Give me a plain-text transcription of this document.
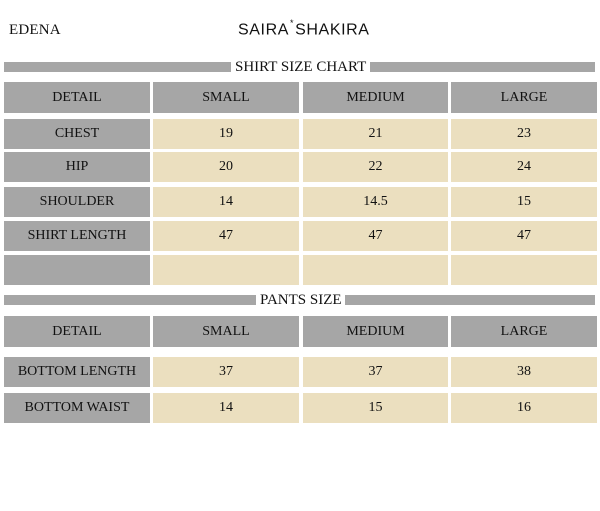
EDENA	SAIRA*SHAKIRA
SHIRT SIZE CHART
DETAIL	SMALL	MEDIUM	LARGE
CHEST	19	21	23
HIP	20	22	24
SHOULDER	14	14.5	15
SHIRT LENGTH	47	47	47
PANTS SIZE
DETAIL	SMALL	MEDIUM	LARGE
BOTTOM LENGTH	37	37	38
BOTTOM WAIST	14	15	16
